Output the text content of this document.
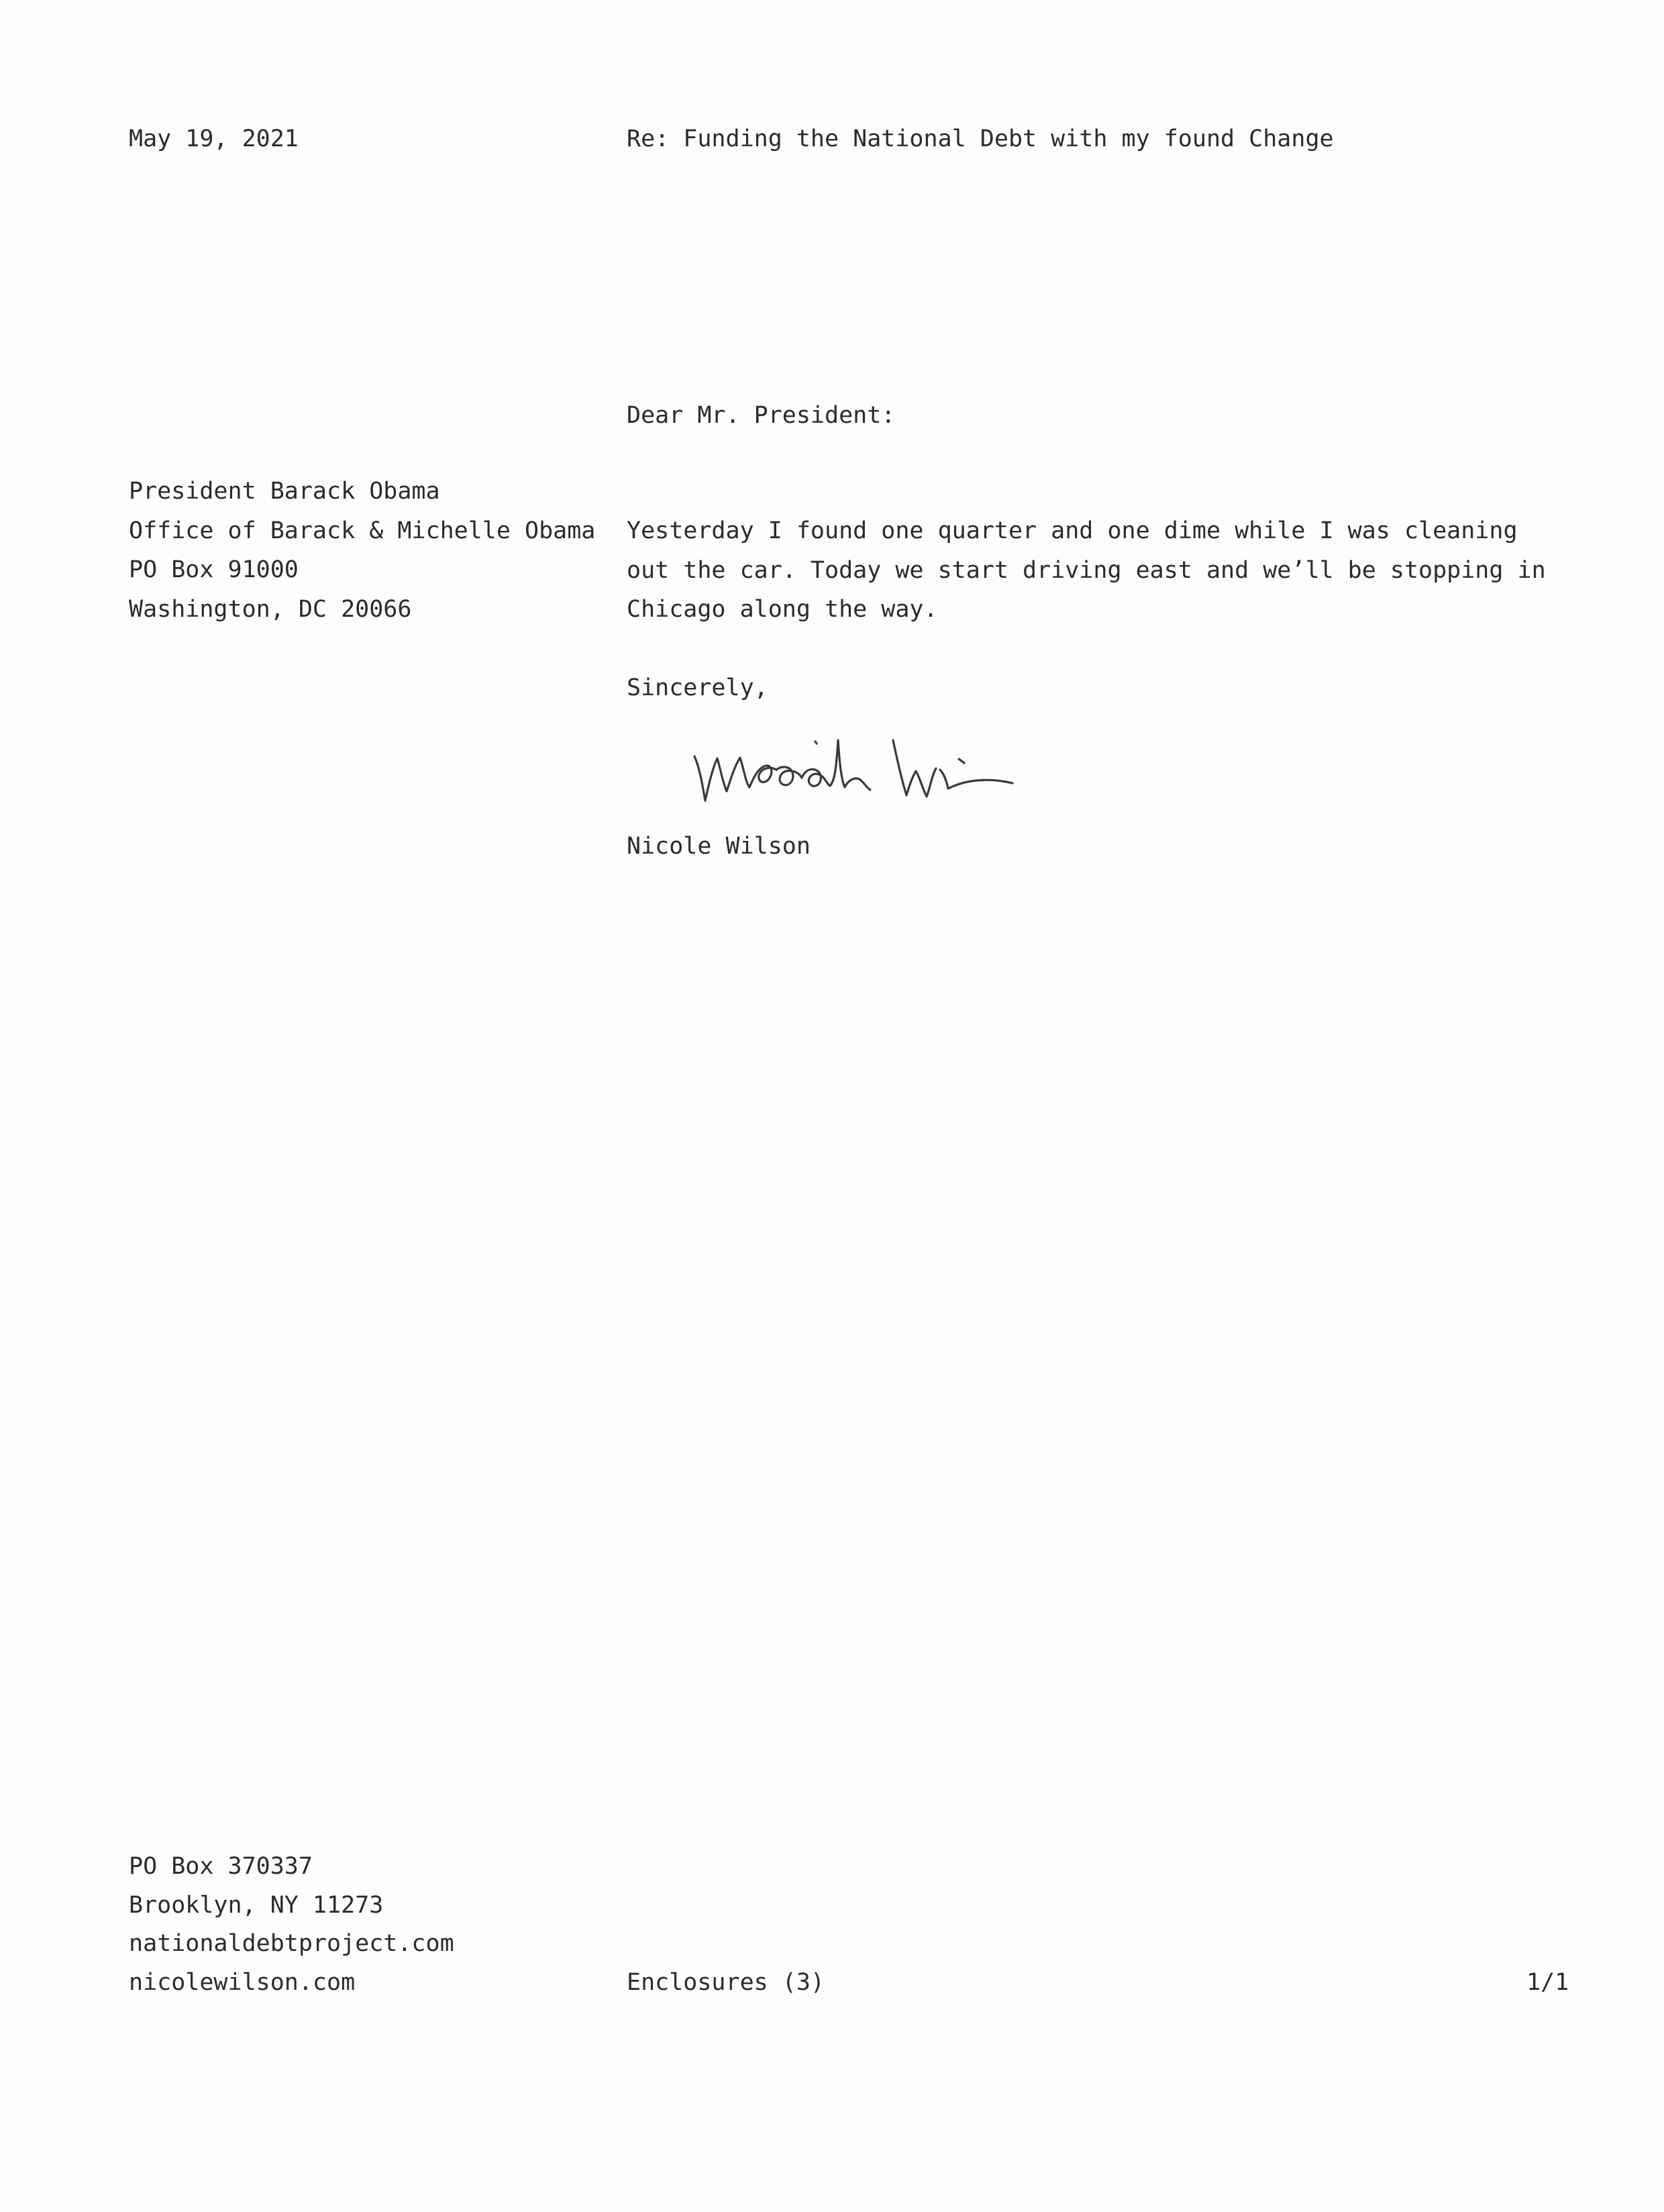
May 19, 2021	Re: Funding the National Debt with my found Change
Dear Mr. President:
President Barack Obama
Office of Barack & Michelle Obama
PO Box 91000
Washington, DC 20066
Yesterday I found one quarter and one dime while I was cleaning
out the car. Today we start driving east and we’ll be stopping in
Chicago along the way.
Sincerely,
Nicole Wilson
PO Box 370337
Brooklyn, NY 11273
nationaldebtproject.com
nicolewilson.com	Enclosures (3)	1/1
